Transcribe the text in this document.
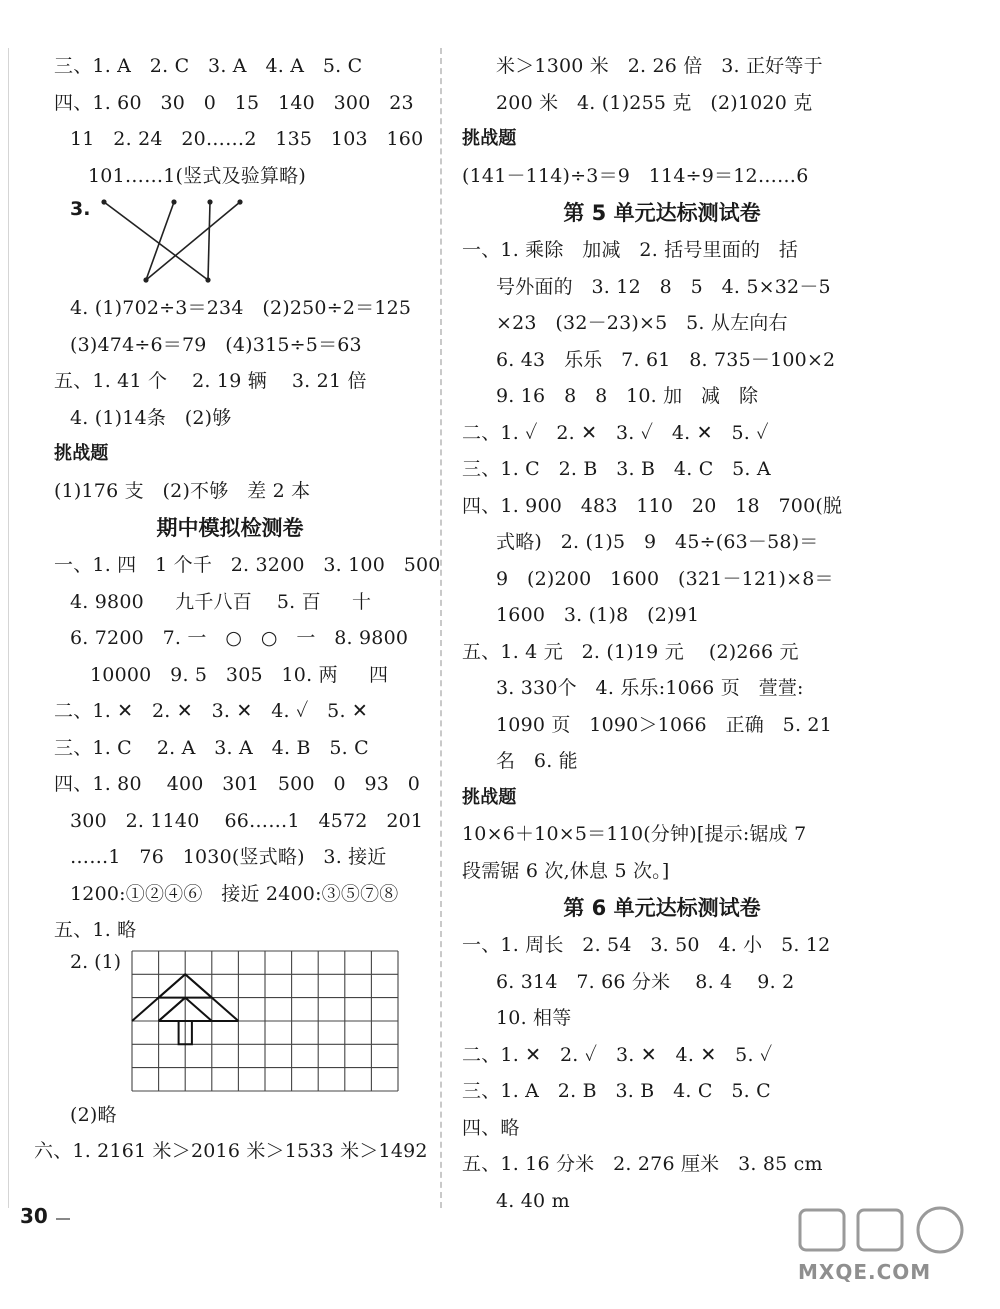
三、1. A   2. C   3. A   4. A   5. C
四、1. 60   30   0   15   140   300   23
11   2. 24   20……2   135   103   160
101……1(竖式及验算略)
3.
4. (1)702÷3＝234   (2)250÷2＝125
(3)474÷6＝79   (4)315÷5＝63
五、1. 41 个    2. 19 辆    3. 21 倍
4. (1)14条   (2)够
挑战题
(1)176 支   (2)不够   差 2 本
期中模拟检测卷
一、1. 四   1 个千   2. 3200   3. 100   500
4. 9800     九千八百    5. 百     十
6. 7200   7. 一   ○   ○   一   8. 9800
10000   9. 5   305   10. 两     四
二、1. ✕   2. ✕   3. ✕   4. ✓   5. ✕
三、1. C    2. A   3. A   4. B   5. C
四、1. 80    400   301   500   0   93   0
300   2. 1140    66……1   4572   201
……1   76   1030(竖式略)   3. 接近
1200:①②④⑥   接近 2400:③⑤⑦⑧
五、1. 略
2. (1)
(2)略
六、1. 2161 米＞2016 米＞1533 米＞1492
米＞1300 米   2. 26 倍   3. 正好等于
200 米   4. (1)255 克   (2)1020 克
挑战题
(141－114)÷3＝9   114÷9＝12……6
第 5 单元达标测试卷
一、1. 乘除   加减   2. 括号里面的   括
号外面的   3. 12   8   5   4. 5×32－5
×23   (32－23)×5   5. 从左向右
6. 43   乐乐   7. 61   8. 735－100×2
9. 16   8   8   10. 加   减   除
二、1. ✓   2. ✕   3. ✓   4. ✕   5. ✓
三、1. C   2. B   3. B   4. C   5. A
四、1. 900   483   110   20   18   700(脱
式略)   2. (1)5   9   45÷(63－58)＝
9   (2)200   1600   (321－121)×8＝
1600   3. (1)8   (2)91
五、1. 4 元   2. (1)19 元    (2)266 元
3. 330个   4. 乐乐:1066 页   萱萱:
1090 页   1090＞1066   正确   5. 21
名   6. 能
挑战题
10×6＋10×5＝110(分钟)[提示:锯成 7
段需锯 6 次,休息 5 次。]
第 6 单元达标测试卷
一、1. 周长   2. 54   3. 50   4. 小   5. 12
6. 314   7. 66 分米    8. 4    9. 2
10. 相等
二、1. ✕   2. ✓   3. ✕   4. ✕   5. ✓
三、1. A   2. B   3. B   4. C   5. C
四、略
五、1. 16 分米   2. 276 厘米   3. 85 cm
4. 40 m
30
MXQE.COM
